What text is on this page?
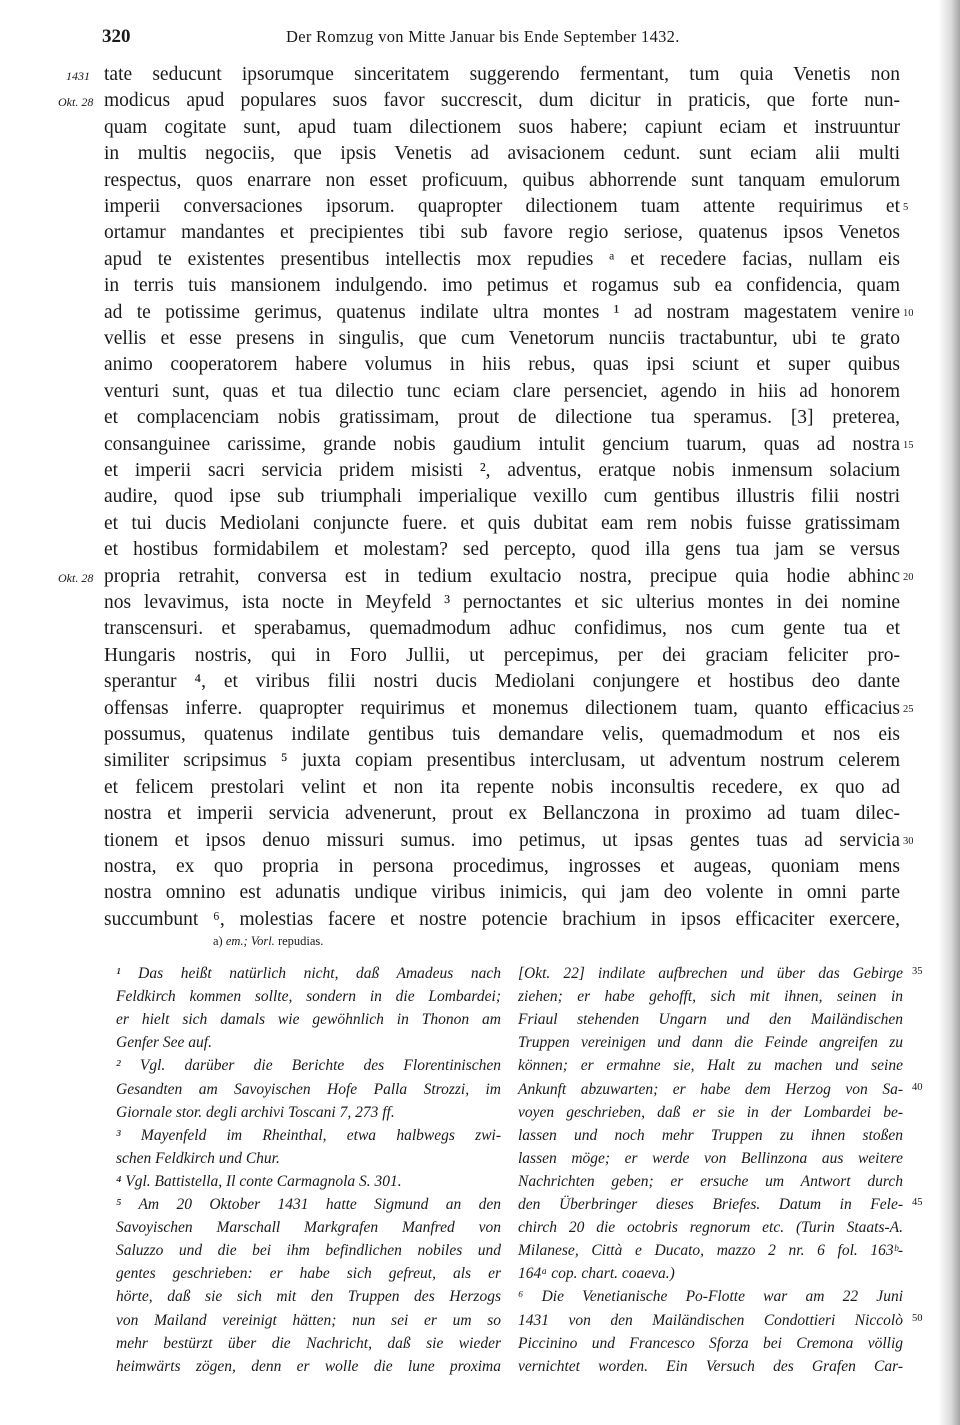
320	Der Romzug von Mitte Januar bis Ende September 1432.
1431
Okt. 28
Okt. 28
5
10
15
20
25
30
tate seducunt ipsorumque sinceritatem suggerendo fermentant, tum quia Venetis non
modicus apud populares suos favor succrescit, dum dicitur in praticis, que forte nun-
quam cogitate sunt, apud tuam dilectionem suos habere; capiunt eciam et instruuntur
in multis negociis, que ipsis Venetis ad avisacionem cedunt. sunt eciam alii multi
respectus, quos enarrare non esset proficuum, quibus abhorrende sunt tanquam emulorum
imperii conversaciones ipsorum. quapropter dilectionem tuam attente requirimus et
ortamur mandantes et precipientes tibi sub favore regio seriose, quatenus ipsos Venetos
apud te existentes presentibus intellectis mox repudies ᵃ et recedere facias, nullam eis
in terris tuis mansionem indulgendo. imo petimus et rogamus sub ea confidencia, quam
ad te potissime gerimus, quatenus indilate ultra montes ¹ ad nostram magestatem venire
vellis et esse presens in singulis, que cum Venetorum nunciis tractabuntur, ubi te grato
animo cooperatorem habere volumus in hiis rebus, quas ipsi sciunt et super quibus
venturi sunt, quas et tua dilectio tunc eciam clare persenciet, agendo in hiis ad honorem
et complacenciam nobis gratissimam, prout de dilectione tua speramus. [3] preterea,
consanguinee carissime, grande nobis gaudium intulit gencium tuarum, quas ad nostra
et imperii sacri servicia pridem misisti ², adventus, eratque nobis inmensum solacium
audire, quod ipse sub triumphali imperialique vexillo cum gentibus illustris filii nostri
et tui ducis Mediolani conjuncte fuere. et quis dubitat eam rem nobis fuisse gratissimam
et hostibus formidabilem et molestam? sed percepto, quod illa gens tua jam se versus
propria retrahit, conversa est in tedium exultacio nostra, precipue quia hodie abhinc
nos levavimus, ista nocte in Meyfeld ³ pernoctantes et sic ulterius montes in dei nomine
transcensuri. et sperabamus, quemadmodum adhuc confidimus, nos cum gente tua et
Hungaris nostris, qui in Foro Jullii, ut percepimus, per dei graciam feliciter pro-
sperantur ⁴, et viribus filii nostri ducis Mediolani conjungere et hostibus deo dante
offensas inferre. quapropter requirimus et monemus dilectionem tuam, quanto efficacius
possumus, quatenus indilate gentibus tuis demandare velis, quemadmodum et nos eis
similiter scripsimus ⁵ juxta copiam presentibus interclusam, ut adventum nostrum celerem
et felicem prestolari velint et non ita repente nobis inconsultis recedere, ex quo ad
nostra et imperii servicia advenerunt, prout ex Bellanczona in proximo ad tuam dilec-
tionem et ipsos denuo missuri sumus. imo petimus, ut ipsas gentes tuas ad servicia
nostra, ex quo propria in persona procedimus, ingrosses et augeas, quoniam mens
nostra omnino est adunatis undique viribus inimicis, qui jam deo volente in omni parte
succumbunt ⁶, molestias facere et nostre potencie brachium in ipsos efficaciter exercere,
a) em.; Vorl. repudias.
¹ Das heißt natürlich nicht, daß Amadeus nach
Feldkirch kommen sollte, sondern in die Lombardei;
er hielt sich damals wie gewöhnlich in Thonon am
Genfer See auf.
² Vgl. darüber die Berichte des Florentinischen
Gesandten am Savoyischen Hofe Palla Strozzi, im
Giornale stor. degli archivi Toscani 7, 273 ff.
³ Mayenfeld im Rheinthal, etwa halbwegs zwi-
schen Feldkirch und Chur.
⁴ Vgl. Battistella, Il conte Carmagnola S. 301.
⁵ Am 20 Oktober 1431 hatte Sigmund an den
Savoyischen Marschall Markgrafen Manfred von
Saluzzo und die bei ihm befindlichen nobiles und
gentes geschrieben: er habe sich gefreut, als er
hörte, daß sie sich mit den Truppen des Herzogs
von Mailand vereinigt hätten; nun sei er um so
mehr bestürzt über die Nachricht, daß sie wieder
heimwärts zögen, denn er wolle die lune proxima
[Okt. 22] indilate aufbrechen und über das Gebirge
ziehen; er habe gehofft, sich mit ihnen, seinen in
Friaul stehenden Ungarn und den Mailändischen
Truppen vereinigen und dann die Feinde angreifen zu
können; er ermahne sie, Halt zu machen und seine
Ankunft abzuwarten; er habe dem Herzog von Sa-
voyen geschrieben, daß er sie in der Lombardei be-
lassen und noch mehr Truppen zu ihnen stoßen
lassen möge; er werde von Bellinzona aus weitere
Nachrichten geben; er ersuche um Antwort durch
den Überbringer dieses Briefes. Datum in Fele-
chirch 20 die octobris regnorum etc. (Turin Staats-A.
Milanese, Città e Ducato, mazzo 2 nr. 6 fol. 163ᵇ-
164ᵃ cop. chart. coaeva.)
⁶ Die Venetianische Po-Flotte war am 22 Juni
1431 von den Mailändischen Condottieri Niccolò
Piccinino und Francesco Sforza bei Cremona völlig
vernichtet worden. Ein Versuch des Grafen Car-
35
40
45
50
